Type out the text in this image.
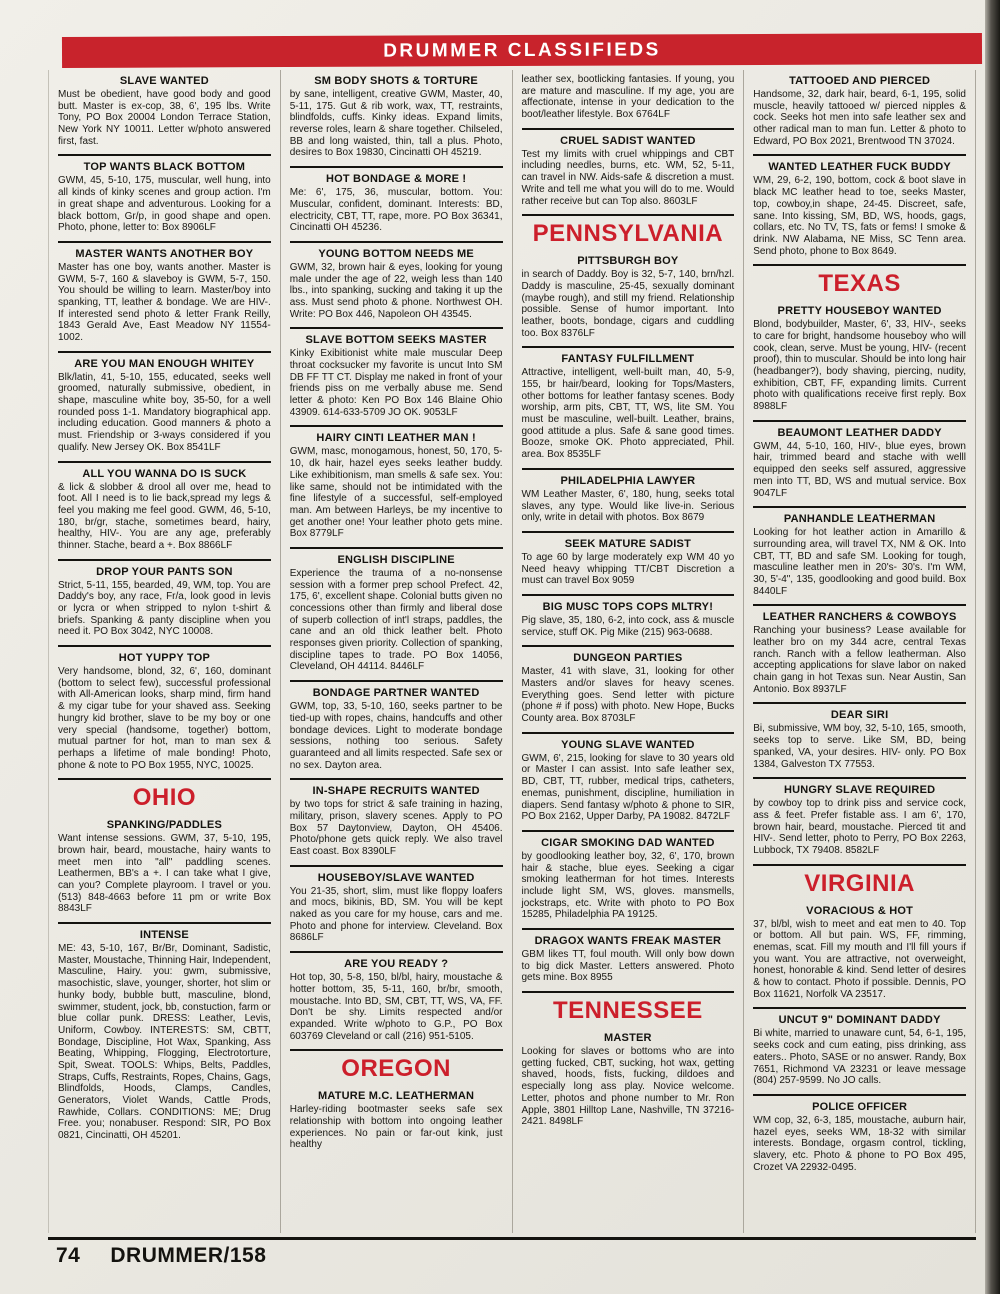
DRUMMER CLASSIFIEDS
SLAVE WANTED

Must be obedient, have good body and good butt. Master is ex-cop, 38, 6', 195 lbs. Write Tony, PO Box 20004 London Terrace Station, New York NY 10011. Letter w/photo answered first, fast.

TOP WANTS BLACK BOTTOM

GWM, 45, 5-10, 175, muscular, well hung, into all kinds of kinky scenes and group action. I'm in great shape and adventurous. Looking for a black bottom, Gr/p, in good shape and open. Photo, phone, letter to: Box 8906LF

MASTER WANTS ANOTHER BOY

Master has one boy, wants another. Master is GWM, 5-7, 160 & slaveboy is GWM, 5-7, 150. You should be willing to learn. Master/boy into spanking, TT, leather & bondage. We are HIV-. If interested send photo & letter Frank Reilly, 1843 Gerald Ave, East Meadow NY 11554-1002.

ARE YOU MAN ENOUGH WHITEY

Blk/latin, 41, 5-10, 155, educated, seeks well groomed, naturally submissive, obedient, in shape, masculine white boy, 35-50, for a well rounded poss 1-1. Mandatory biographical app. including education. Good manners & photo a must. Friendship or 3-ways considered if you qualify. New Jersey OK. Box 8541LF

ALL YOU WANNA DO IS SUCK

& lick & slobber & drool all over me, head to foot. All I need is to lie back,spread my legs & feel you making me feel good. GWM, 46, 5-10, 180, br/gr, stache, sometimes beard, hairy, healthy, HIV-. You are any age, preferably thinner. Stache, beard a +. Box 8866LF

DROP YOUR PANTS SON

Strict, 5-11, 155, bearded, 49, WM, top. You are Daddy's boy, any race, Fr/a, look good in levis or lycra or when stripped to nylon t-shirt & briefs. Spanking & panty discipline when you need it. PO Box 3042, NYC 10008.

HOT YUPPY TOP

Very handsome, blond, 32, 6', 160, dominant (bottom to select few), successful professional with All-American looks, sharp mind, firm hand & my cigar tube for your shaved ass. Seeking hungry kid brother, slave to be my boy or one very special (handsome, together) bottom, mutual partner for hot, man to man sex & perhaps a lifetime of male bonding! Photo, phone & note to PO Box 1955, NYC, 10025.

OHIO
SPANKING/PADDLES

Want intense sessions. GWM, 37, 5-10, 195, brown hair, beard, moustache, hairy wants to meet men into "all" paddling scenes. Leathermen, BB's a +. I can take what I give, can you? Complete playroom. I travel or you. (513) 848-4663 before 11 pm or write Box 8843LF

INTENSE

ME: 43, 5-10, 167, Br/Br, Dominant, Sadistic, Master, Moustache, Thinning Hair, Independent, Masculine, Hairy. you: gwm, submissive, masochistic, slave, younger, shorter, hot slim or hunky body, bubble butt, masculine, blond, swimmer, student, jock, bb, constuction, farm or blue collar punk. DRESS: Leather, Levis, Uniform, Cowboy. INTERESTS: SM, CBTT, Bondage, Discipline, Hot Wax, Spanking, Ass Beating, Whipping, Flogging, Electrotorture, Spit, Sweat. TOOLS: Whips, Belts, Paddles, Straps, Cuffs, Restraints, Ropes, Chains, Gags, Blindfolds, Hoods, Clamps, Candles, Generators, Violet Wands, Cattle Prods, Rawhide, Collars. CONDITIONS: ME; Drug Free. you; nonabuser. Respond: SIR, PO Box 0821, Cincinatti, OH 45201.

SM BODY SHOTS & TORTURE

by sane, intelligent, creative GWM, Master, 40, 5-11, 175. Gut & rib work, wax, TT, restraints, blindfolds, cuffs. Kinky ideas. Expand limits, reverse roles, learn & share together. Chilseled, BB and long waisted, thin, tall a plus. Photo, desires to Box 19830, Cincinatti OH 45219.

HOT BONDAGE & MORE !

Me: 6', 175, 36, muscular, bottom. You: Muscular, confident, dominant. Interests: BD, electricity, CBT, TT, rape, more. PO Box 36341, Cincinatti OH 45236.

YOUNG BOTTOM NEEDS ME

GWM, 32, brown hair & eyes, looking for young male under the age of 22, weigh less than 140 lbs., into spanking, sucking and taking it up the ass. Must send photo & phone. Northwest OH. Write: PO Box 446, Napoleon OH 43545.

SLAVE BOTTOM SEEKS MASTER

Kinky Exibitionist white male muscular Deep throat cocksucker my favorite is uncut Into SM DB FF TT CT. Display me naked in front of your friends piss on me verbally abuse me. Send letter & photo: Ken PO Box 146 Blaine Ohio 43909. 614-633-5709 JO OK. 9053LF

HAIRY CINTI LEATHER MAN !

GWM, masc, monogamous, honest, 50, 170, 5-10, dk hair, hazel eyes seeks leather buddy. Like exhibitionism, man smells & safe sex. You: like same, should not be intimidated with the fine lifestyle of a successful, self-employed man. Am between Harleys, be my incentive to get another one! Your leather photo gets mine. Box 8779LF

ENGLISH DISCIPLINE

Experience the trauma of a no-nonsense session with a former prep school Prefect. 42, 175, 6', excellent shape. Colonial butts given no concessions other than firmly and liberal dose of superb collection of int'l straps, paddles, the cane and an old thick leather belt. Photo responses given priority. Collection of spanking, discipline tapes to trade. PO Box 14056, Cleveland, OH 44114. 8446LF

BONDAGE PARTNER WANTED

GWM, top, 33, 5-10, 160, seeks partner to be tied-up with ropes, chains, handcuffs and other bondage devices. Light to moderate bondage sessions, nothing too serious. Safety guaranteed and all limits respected. Safe sex or no sex. Dayton area.

IN-SHAPE RECRUITS WANTED

by two tops for strict & safe training in hazing, military, prison, slavery scenes. Apply to PO Box 57 Daytonview, Dayton, OH 45406. Photo/phone gets quick reply. We also travel East coast. Box 8390LF

HOUSEBOY/SLAVE WANTED

You 21-35, short, slim, must like floppy loafers and mocs, bikinis, BD, SM. You will be kept naked as you care for my house, cars and me. Photo and phone for interview. Cleveland. Box 8686LF

ARE YOU READY ?

Hot top, 30, 5-8, 150, bl/bl, hairy, moustache & hotter bottom, 35, 5-11, 160, br/br, smooth, moustache. Into BD, SM, CBT, TT, WS, VA, FF. Don't be shy. Limits respected and/or expanded. Write w/photo to G.P., PO Box 603769 Cleveland or call (216) 951-5105.

OREGON
MATURE M.C. LEATHERMAN

Harley-riding bootmaster seeks safe sex relationship with bottom into ongoing leather experiences. No pain or far-out kink, just healthy

leather sex, bootlicking fantasies. If young, you are mature and masculine. If my age, you are affectionate, intense in your dedication to the boot/leather lifestyle. Box 6764LF

CRUEL SADIST WANTED

Test my limits with cruel whippings and CBT including needles, burns, etc. WM, 52, 5-11, can travel in NW. Aids-safe & discretion a must. Write and tell me what you will do to me. Would rather receive but can Top also. 8603LF

PENNSYLVANIA
PITTSBURGH BOY

in search of Daddy. Boy is 32, 5-7, 140, brn/hzl. Daddy is masculine, 25-45, sexually dominant (maybe rough), and still my friend. Relationship possible. Sense of humor important. Into leather, boots, bondage, cigars and cuddling too. Box 8376LF

FANTASY FULFILLMENT

Attractive, intelligent, well-built man, 40, 5-9, 155, br hair/beard, looking for Tops/Masters, other bottoms for leather fantasy scenes. Body worship, arm pits, CBT, TT, WS, lite SM. You must be masculine, well-built. Leather, brains, good attitude a plus. Safe & sane good times. Booze, smoke OK. Photo appreciated, Phil. area. Box 8535LF

PHILADELPHIA LAWYER

WM Leather Master, 6', 180, hung, seeks total slaves, any type. Would like live-in. Serious only, write in detail with photos. Box 8679

SEEK MATURE SADIST

To age 60 by large moderately exp WM 40 yo Need heavy whipping TT/CBT Discretion a must can travel Box 9059

BIG MUSC TOPS COPS MLTRY!

Pig slave, 35, 180, 6-2, into cock, ass & muscle service, stuff OK. Pig Mike (215) 963-0688.

DUNGEON PARTIES

Master, 41 with slave, 31, looking for other Masters and/or slaves for heavy scenes. Everything goes. Send letter with picture (phone # if poss) with photo. New Hope, Bucks County area. Box 8703LF

YOUNG SLAVE WANTED

GWM, 6', 215, looking for slave to 30 years old or Master I can assist. Into safe leather sex, BD, CBT, TT, rubber, medical trips, catheters, enemas, punishment, discipline, humiliation in diapers. Send fantasy w/photo & phone to SIR, PO Box 2162, Upper Darby, PA 19082. 8472LF

CIGAR SMOKING DAD WANTED

by goodlooking leather boy, 32, 6', 170, brown hair & stache, blue eyes. Seeking a cigar smoking leatherman for hot times. Interests include light SM, WS, gloves. mansmells, jockstraps, etc. Write with photo to PO Box 15285, Philadelphia PA 19125.

DRAGOX WANTS FREAK MASTER

GBM likes TT, foul mouth. Will only bow down to big dick Master. Letters answered. Photo gets mine. Box 8955

TENNESSEE
MASTER

Looking for slaves or bottoms who are into getting fucked, CBT, sucking, hot wax, getting shaved, hoods, fists, fucking, dildoes and especially long ass play. Novice welcome. Letter, photos and phone number to Mr. Ron Apple, 3801 Hilltop Lane, Nashville, TN 37216-2421. 8498LF

TATTOOED AND PIERCED

Handsome, 32, dark hair, beard, 6-1, 195, solid muscle, heavily tattooed w/ pierced nipples & cock. Seeks hot men into safe leather sex and other radical man to man fun. Letter & photo to Edward, PO Box 2021, Brentwood TN 37024.

WANTED LEATHER FUCK BUDDY

WM, 29, 6-2, 190, bottom, cock & boot slave in black MC leather head to toe, seeks Master, top, cowboy,in shape, 24-45. Discreet, safe, sane. Into kissing, SM, BD, WS, hoods, gags, collars, etc. No TV, TS, fats or fems! I smoke & drink. NW Alabama, NE Miss, SC Tenn area. Send photo, phone to Box 8649.

TEXAS
PRETTY HOUSEBOY WANTED

Blond, bodybuilder, Master, 6', 33, HIV-, seeks to care for bright, handsome houseboy who will cook, clean, serve. Must be young, HIV- (recent proof), thin to muscular. Should be into long hair (headbanger?), body shaving, piercing, nudity, exhibition, CBT, FF, expanding limits. Current photo with qualifications receive first reply. Box 8988LF

BEAUMONT LEATHER DADDY

GWM, 44, 5-10, 160, HIV-, blue eyes, brown hair, trimmed beard and stache with welll equipped den seeks self assured, aggressive men into TT, BD, WS and mutual service. Box 9047LF

PANHANDLE LEATHERMAN

Looking for hot leather action in Amarillo & surrounding area, will travel TX, NM & OK. Into CBT, TT, BD and safe SM. Looking for tough, masculine leather men in 20's- 30's. I'm WM, 30, 5'-4", 135, goodlooking and good build. Box 8440LF

LEATHER RANCHERS & COWBOYS

Ranching your business? Lease available for leather bro on my 344 acre, central Texas ranch. Ranch with a fellow leatherman. Also accepting applications for slave labor on naked chain gang in hot Texas sun. Near Austin, San Antonio. Box 8937LF

DEAR SIRI

Bi, submissive, WM boy, 32, 5-10, 165, smooth, seeks top to serve. Like SM, BD, being spanked, VA, your desires. HIV- only. PO Box 1384, Galveston TX 77553.

HUNGRY SLAVE REQUIRED

by cowboy top to drink piss and service cock, ass & feet. Prefer fistable ass. I am 6', 170, brown hair, beard, moustache. Pierced tit and HIV-. Send letter, photo to Perry, PO Box 2263, Lubbock, TX 79408. 8582LF

VIRGINIA
VORACIOUS & HOT

37, bl/bl, wish to meet and eat men to 40. Top or bottom. All but pain. WS, FF, rimming, enemas, scat. Fill my mouth and I'll fill yours if you want. You are attractive, not overweight, honest, honorable & kind. Send letter of desires & how to contact. Photo if possible. Dennis, PO Box 11621, Norfolk VA 23517.

UNCUT 9" DOMINANT DADDY

Bi white, married to unaware cunt, 54, 6-1, 195, seeks cock and cum eating, piss drinking, ass eaters.. Photo, SASE or no answer. Randy, Box 7651, Richmond VA 23231 or leave message (804) 257-9599. No JO calls.

POLICE OFFICER

WM cop, 32, 6-3, 185, moustache, auburn hair, hazel eyes, seeks WM, 18-32 with similar interests. Bondage, orgasm control, tickling, slavery, etc. Photo & phone to PO Box 495, Crozet VA 22932-0495.

74 DRUMMER/158
